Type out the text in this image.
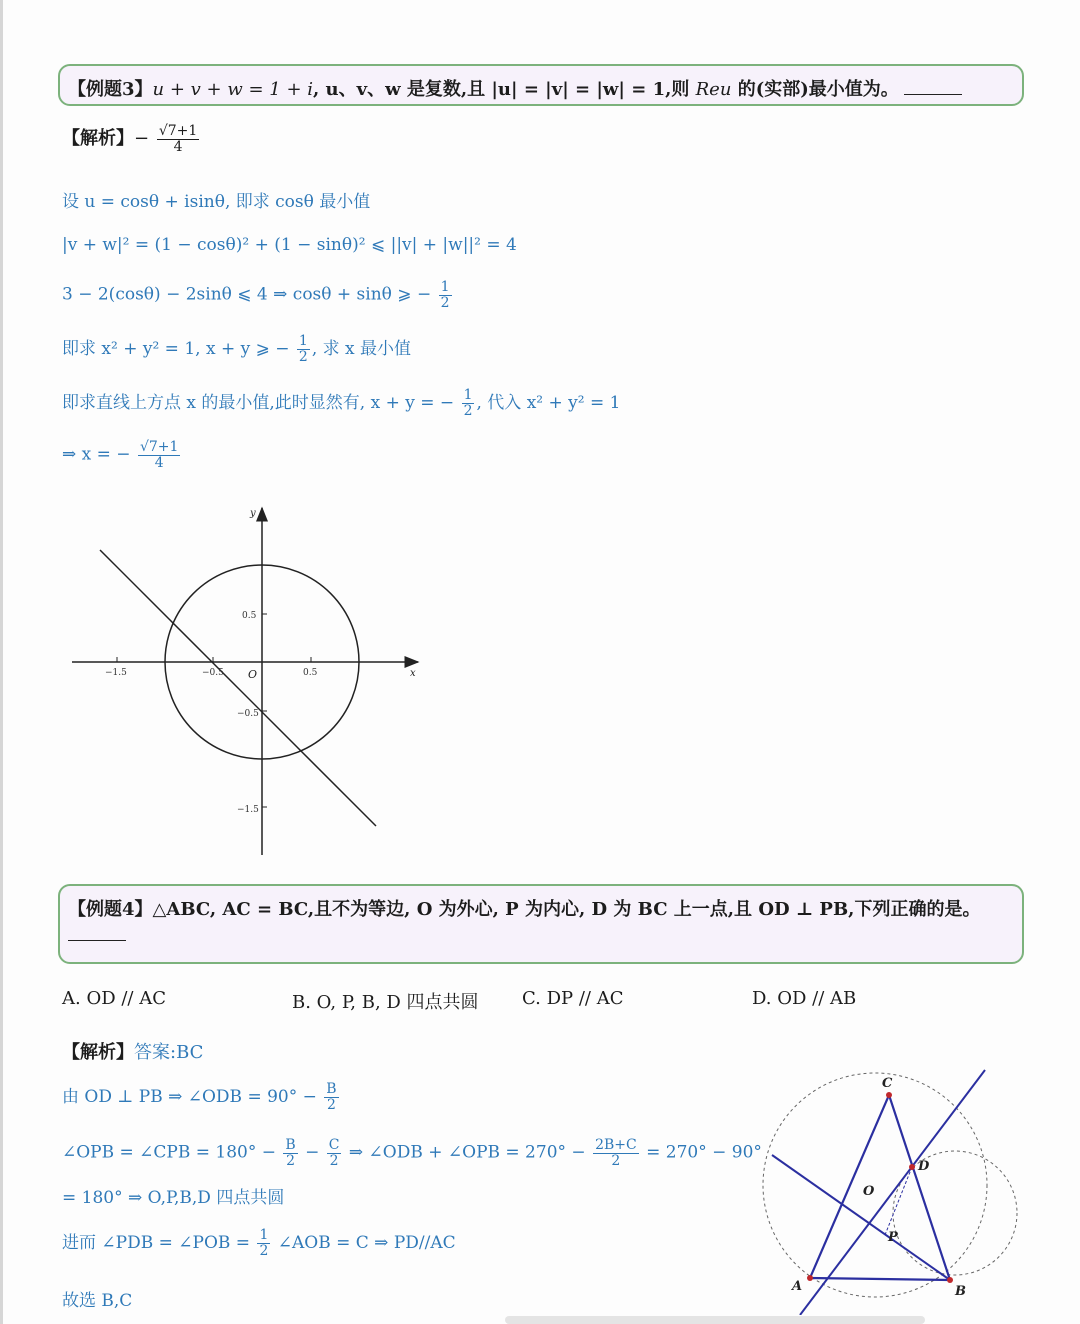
【例题3】u + v + w = 1 + i, u、v、w 是复数,且 |u| = |v| = |w| = 1,则 Reu 的(实部)最小值为。
【解析】− $\frac{√7+1}{4}$
设 u = cosθ + isinθ, 即求 cosθ 最小值
|v + w|² = (1 − cosθ)² + (1 − sinθ)² ⩽ ||v| + |w||² = 4
3 − 2(cosθ) − 2sinθ ⩽ 4 ⇒ cosθ + sinθ ⩾ − $\frac{1}{2}$
即求 x² + y² = 1, x + y ⩾ − $\frac{1}{2}$ , 求 x 最小值
即求直线上方点 x 的最小值,此时显然有, x + y = − $\frac{1}{2}$ , 代入 x² + y² = 1
⇒ x = − $\frac{√7+1}{4}$
−1.5	−0.5	0.5
0.5
−0.5
−1.5
O	x
y
【例题4】△ABC, AC = BC,且不为等边, O 为外心, P 为内心, D 为 BC 上一点,且 OD ⊥ PB,下列正确的是。
A. OD // AC	B. O, P, B, D 四点共圆 C. DP // AC	D. OD // AB
【解析】答案:BC
由 OD ⊥ PB ⇒ ∠ODB = $90^\circ - \frac{B}{2}$
∠OPB = ∠CPB = $180^\circ - \frac{B}{2} - \frac{C}{2}$ ⇒ ∠ODB + ∠OPB = $270^\circ - \frac{2B+C}{2} = 270^\circ - 90^\circ$
= 180° ⇒ O,P,B,D 四点共圆
进而 ∠PDB = ∠POB = $\frac{1}{2}$ ∠AOB = C ⇒ PD//AC
故选 B,C
C
A	B
D
O
P
